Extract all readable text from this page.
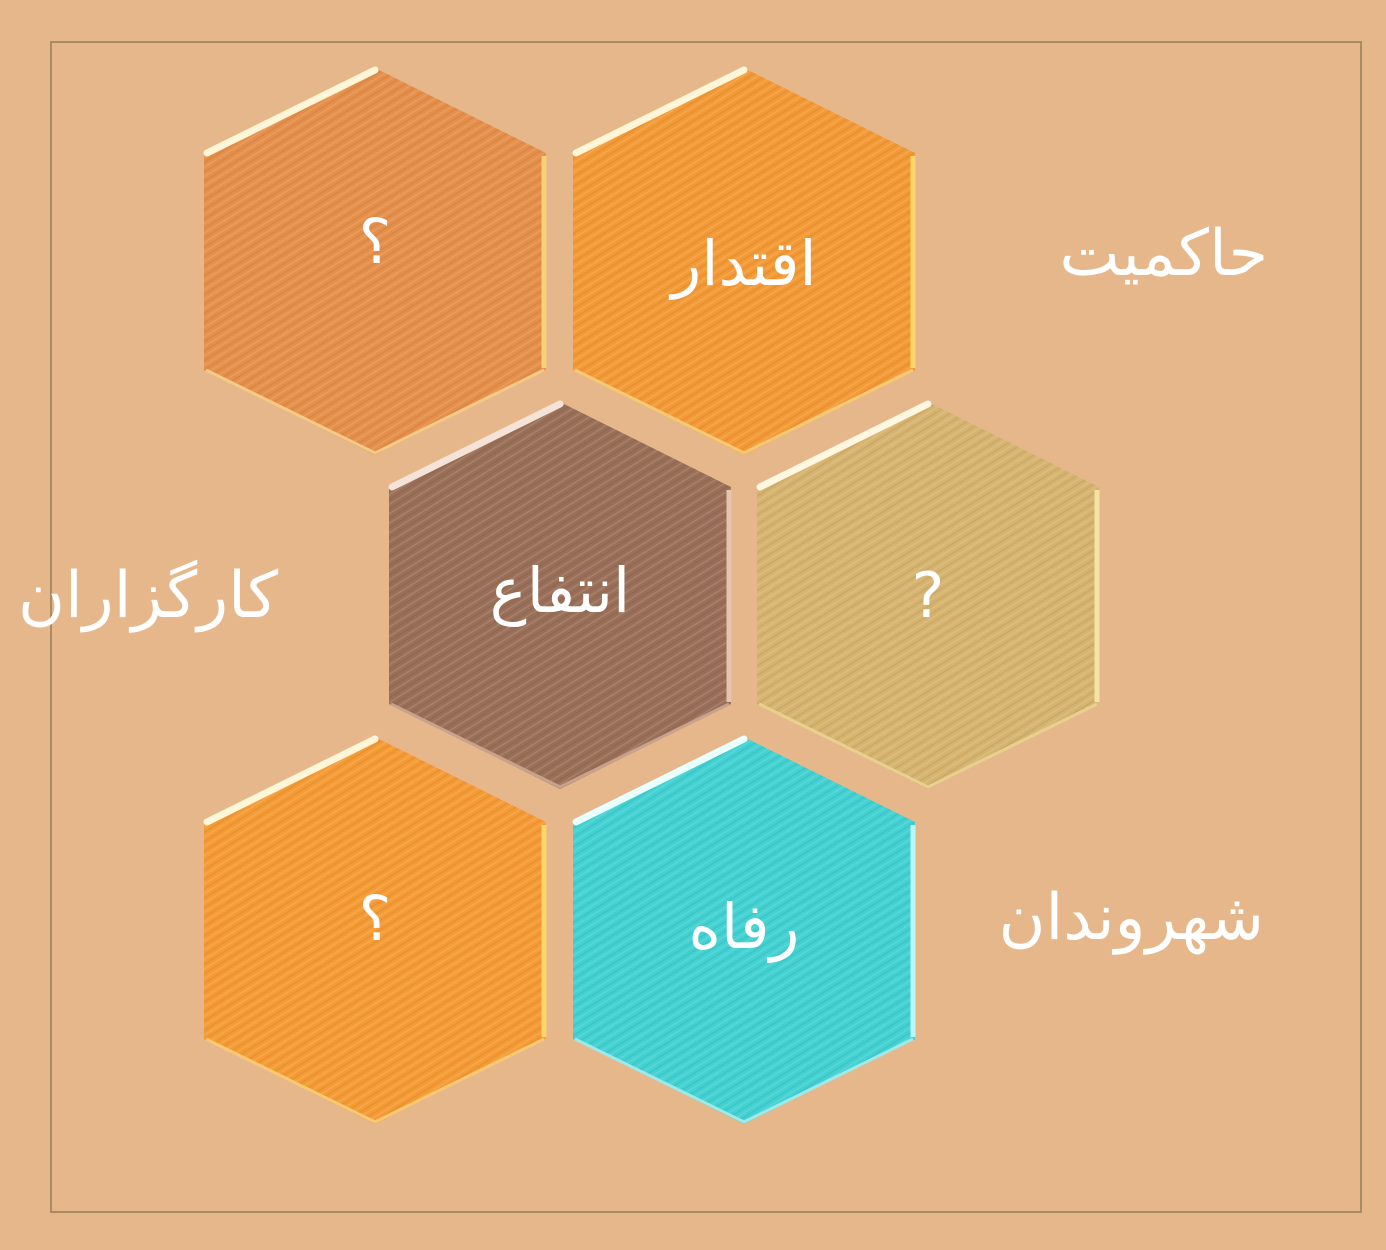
؟	اقتدار
انتفاع	?
؟	رفاه
حاکمیت
کارگزاران
شهروندان
